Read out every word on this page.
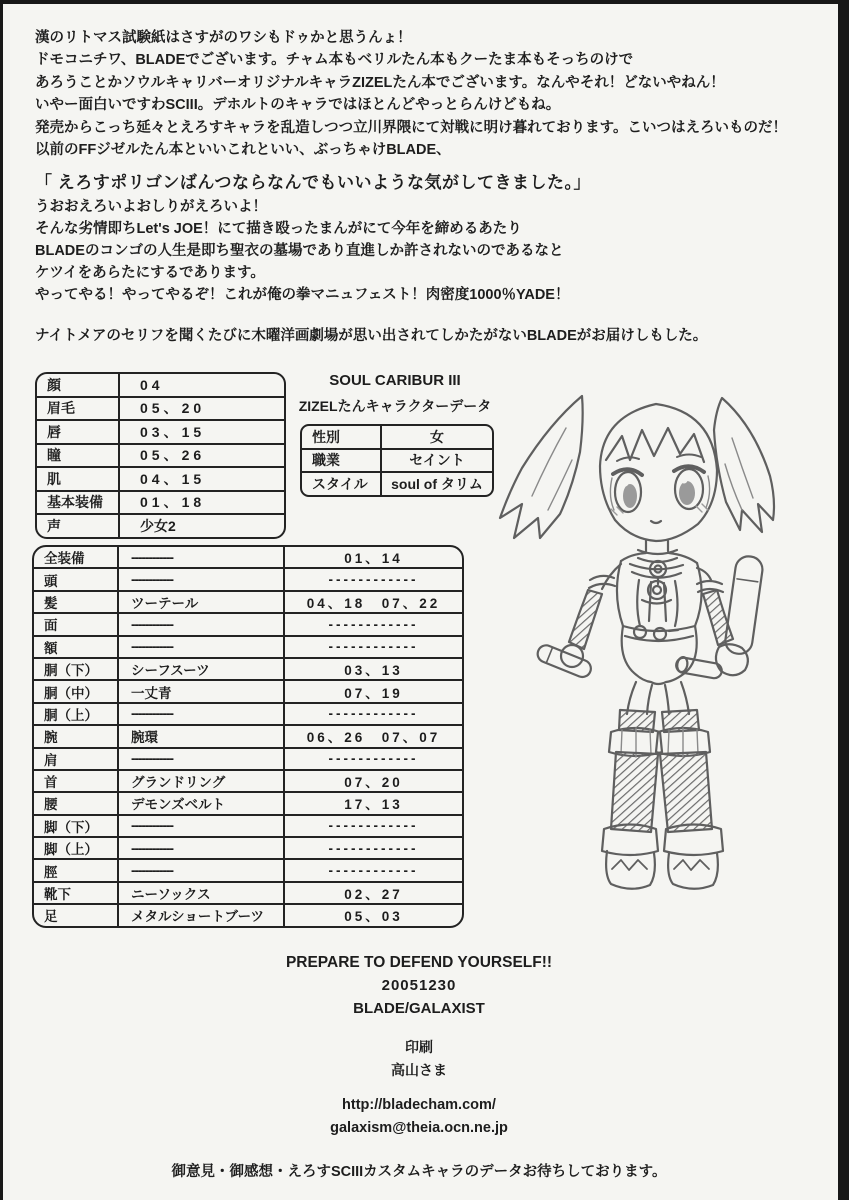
漢のリトマス試験紙はさすがのワシもドゥかと思うんょ！
ドモコニチワ、BLADEでございます。チャム本もベリルたん本もクーたま本もそっちのけで
あろうことかソウルキャリバーオリジナルキャラZIZELたん本でございます。なんやそれ！どないやねん！
いやー面白いですわSCIII。デホルトのキャラではほとんどやっとらんけどもね。
発売からこっち延々とえろすキャラを乱造しつつ立川界隈にて対戦に明け暮れております。こいつはえろいものだ！
以前のFFジゼルたん本といいこれといい、ぶっちゃけBLADE、
「 えろすポリゴンばんつならなんでもいいような気がしてきました。」
うおおえろいよおしりがえろいよ！
そんな劣情即ちLet's JOE！にて描き殴ったまんがにて今年を締めるあたり
BLADEのコンゴの人生是即ち聖衣の墓場であり直進しか許されないのであるなと
ケツイをあらたにするであります。
やってやる！やってやるぞ！これが俺の拳マニュフェスト！肉密度1000％YADE！
ナイトメアのセリフを聞くたびに木曜洋画劇場が思い出されてしかたがないBLADEがお届けしもした。
顔	04
眉毛	05、20
唇	03、15
瞳	05、26
肌	04、15
基本装備	01、18
声	少女2
SOUL CARIBUR III
ZIZELたんキャラクターデータ
性別	女
職業	セイント
スタイル	soul of タリム
全装備	------------	01、14
頭	------------	------------
髪	ツーテール	04、18　07、22
面	------------	------------
額	------------	------------
胴（下）	シーフスーツ	03、13
胴（中）	一丈青	07、19
胴（上）	------------	------------
腕	腕環	06、26　07、07
肩	------------	------------
首	グランドリング	07、20
腰	デモンズベルト	17、13
脚（下）	------------	------------
脚（上）	------------	------------
脛	------------	------------
靴下	ニーソックス	02、27
足	メタルショートブーツ	05、03
PREPARE TO DEFEND YOURSELF!!
20051230
BLADE/GALAXIST
印刷
高山さま
http://bladecham.com/
galaxism@theia.ocn.ne.jp
御意見・御感想・えろすSCIIIカスタムキャラのデータお待ちしております。
